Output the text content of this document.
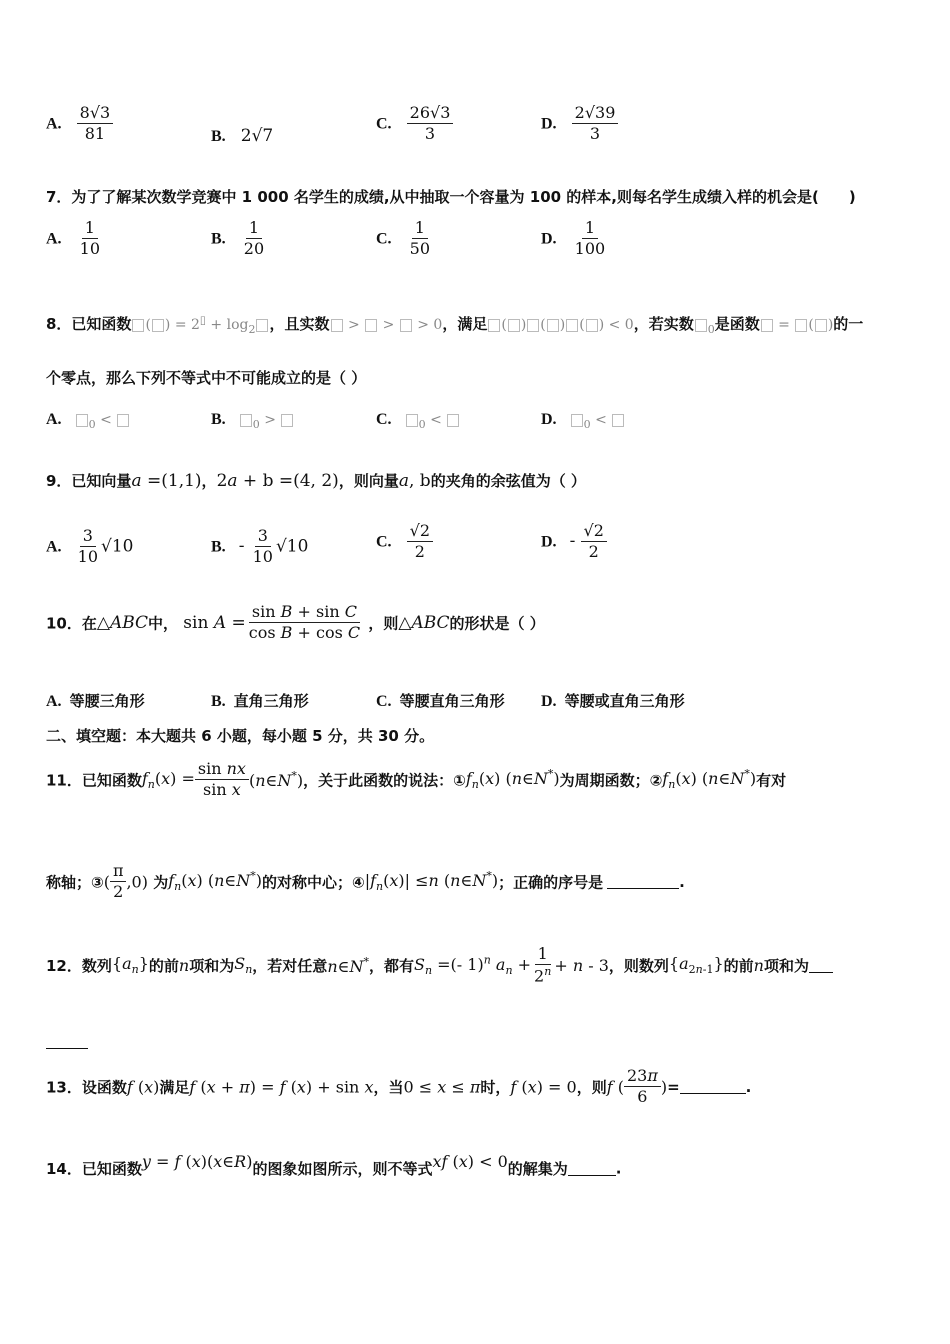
A. $\frac{8√3}{81}$	B. 2√7
C. $\frac{26√3}{3}$	D. $\frac{2√39}{3}$
7．为了了解某次数学竞赛中 1 000 名学生的成绩,从中抽取一个容量为 100 的样本,则每名学生成绩入样的机会是(　　)
A. $\frac{1}{10}$	B. $\frac{1}{20}$	C. $\frac{1}{50}$	D. $\frac{1}{100}$
8．已知函数 ( ) = $2^▯ + \log_2$ ，且实数 >  >  > 0，满足 ( ) ( ) ( ) < 0，若实数 $_0$是函数 = ( )的一
个零点，那么下列不等式中不可能成立的是（ ）
A. $_0$ <	B. $_0$ >	C. $_0$ <	D. $_0$ <
9．已知向量a =(1,1)，2a + b =(4, 2)，则向量a, b的夹角的余弦值为（ ）
A. $\frac{3}{10} √10$	B. - $\frac{3}{10} √10$	C. $\frac{√2}{2}$	D. - $\frac{√2}{2}$
10．在△ABC中， $\sin A = \frac{\text{sin B + sin C}}{\text{cos B + cos C}}$ ，则△ABC的形状是（ ）
A. 等腰三角形	B. 直角三角形	C. 等腰直角三角形 D. 等腰或直角三角形
二、填空题：本大题共 6 小题，每小题 5 分，共 30 分。
11．已知函数$f_n(x) = \frac{\text{sin nx}}{\text{sin x}}$ (n∈N*)，关于此函数的说法：$①f_n(x)$ (n∈N*)为周期函数；$②f_n(x)$ (n∈N*)有对
称轴；③( $\frac{\pi}{2} ,0$) 为$f_n(x)$ (n∈N*)的对称中心；$④|f_n(x)| \le n$ (n∈N*)；正确的序号是	.
12．数列$\{a_n\}$的前n项和为$S_n$，若对任意n∈N*，都有$S_n$ =(- 1)$^n$ $a_n + \frac{1}{2^n} + n - 3$，则数列$\{a_{2n-1}\}$的前n项和为
13．设函数f (x)满足f (x + π) = f (x) + sin x，当0 ≤ x ≤ π时，f (x) = 0，则f ( $\frac{23\pi}{6}$ )=	.
14．已知函数y = f (x)(x∈R)的图象如图所示，则不等式xf (x) < 0的解集为	.
